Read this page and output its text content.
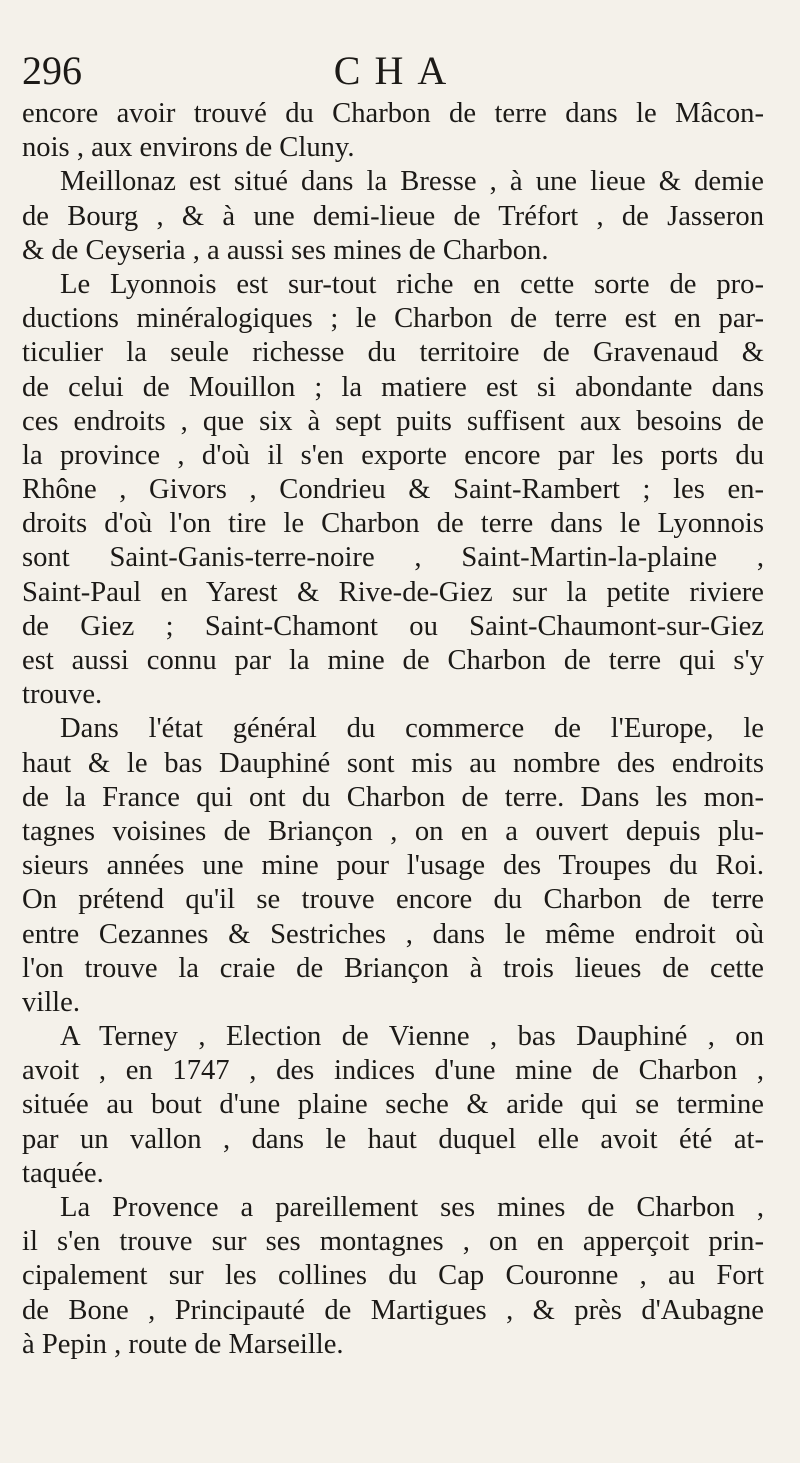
296	CHA
encore avoir trouvé du Charbon de terre dans le Mâcon-
nois , aux environs de Cluny.
Meillonaz est situé dans la Bresse , à une lieue & demie
de Bourg , & à une demi-lieue de Tréfort , de Jasseron
& de Ceyseria , a aussi ses mines de Charbon.
Le Lyonnois est sur-tout riche en cette sorte de pro-
ductions minéralogiques ; le Charbon de terre est en par-
ticulier la seule richesse du territoire de Gravenaud &
de celui de Mouillon ; la matiere est si abondante dans
ces endroits , que six à sept puits suffisent aux besoins de
la province , d'où il s'en exporte encore par les ports du
Rhône , Givors , Condrieu & Saint-Rambert ; les en-
droits d'où l'on tire le Charbon de terre dans le Lyonnois
sont Saint-Ganis-terre-noire , Saint-Martin-la-plaine ,
Saint-Paul en Yarest & Rive-de-Giez sur la petite riviere
de Giez ; Saint-Chamont ou Saint-Chaumont-sur-Giez
est aussi connu par la mine de Charbon de terre qui s'y
trouve.
Dans l'état général du commerce de l'Europe, le
haut & le bas Dauphiné sont mis au nombre des endroits
de la France qui ont du Charbon de terre. Dans les mon-
tagnes voisines de Briançon , on en a ouvert depuis plu-
sieurs années une mine pour l'usage des Troupes du Roi.
On prétend qu'il se trouve encore du Charbon de terre
entre Cezannes & Sestriches , dans le même endroit où
l'on trouve la craie de Briançon à trois lieues de cette
ville.
A Terney , Election de Vienne , bas Dauphiné , on
avoit , en 1747 , des indices d'une mine de Charbon ,
située au bout d'une plaine seche & aride qui se termine
par un vallon , dans le haut duquel elle avoit été at-
taquée.
La Provence a pareillement ses mines de Charbon ,
il s'en trouve sur ses montagnes , on en apperçoit prin-
cipalement sur les collines du Cap Couronne , au Fort
de Bone , Principauté de Martigues , & près d'Aubagne
à Pepin , route de Marseille.
